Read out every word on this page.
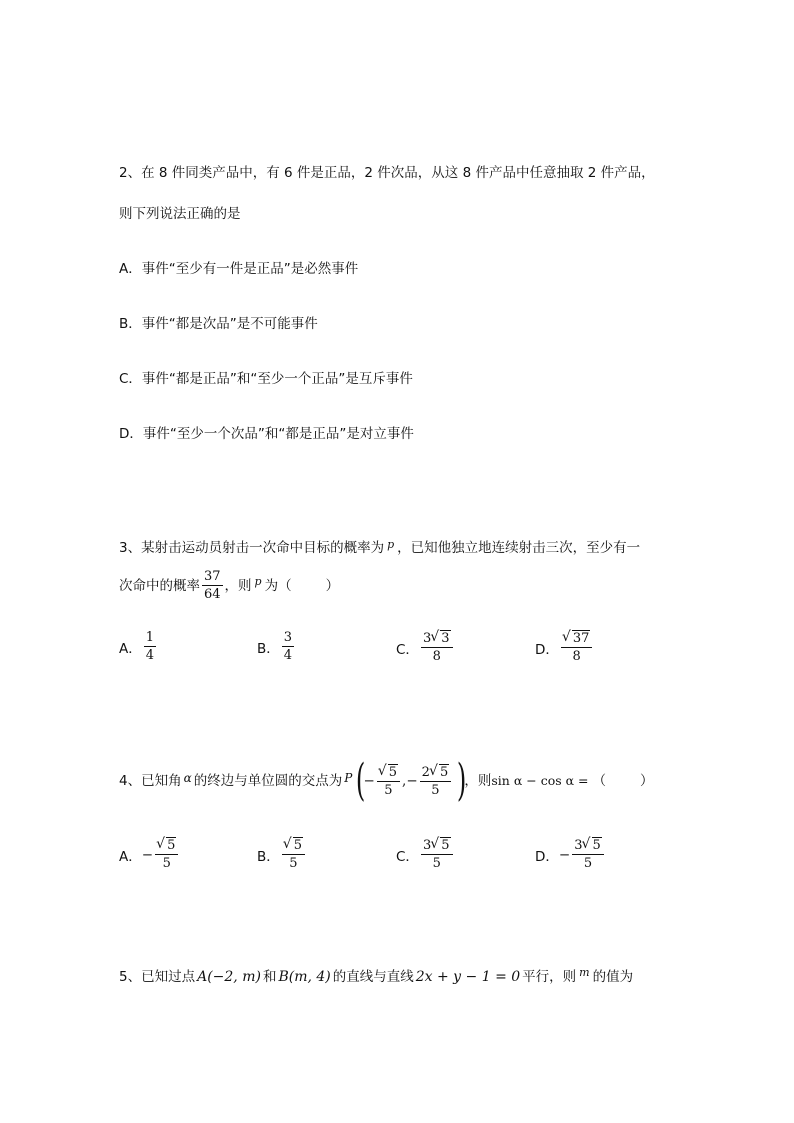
2、在 8 件同类产品中，有 6 件是正品，2 件次品，从这 8 件产品中任意抽取 2 件产品，
则下列说法正确的是
A．事件“至少有一件是正品”是必然事件
B．事件“都是次品”是不可能事件
C．事件“都是正品”和“至少一个正品”是互斥事件
D．事件“至少一个次品”和“都是正品”是对立事件
3、某射击运动员射击一次命中目标的概率为 $^p$ ，已知他独立地连续射击三次，至少有一
次命中的概率 $\frac{37}{64}$ ，则 p 为（	）
A． $\frac{1}{4}$	B． $\frac{3}{4}$	C． $\frac{3 √ 3}{8}$	D． √ $\frac{37}{8}$
4、已知角 α 的终边与单位圆的交点为 P (
− √ $\frac{5}{5}$ , − $\frac{2 √ 5}{5}$ )
，则 sin α − cos α = （	）
A． − √ $\frac{5}{5}$	B． √ $\frac{5}{5}$	C． $\frac{3 √ 5}{5}$	D． − $\frac{3 √ 5}{5}$
5、已知过点 A(−2, m) 和 B(m, 4) 的直线与直线 2x + y − 1 = 0 平行，则 m 的值为
